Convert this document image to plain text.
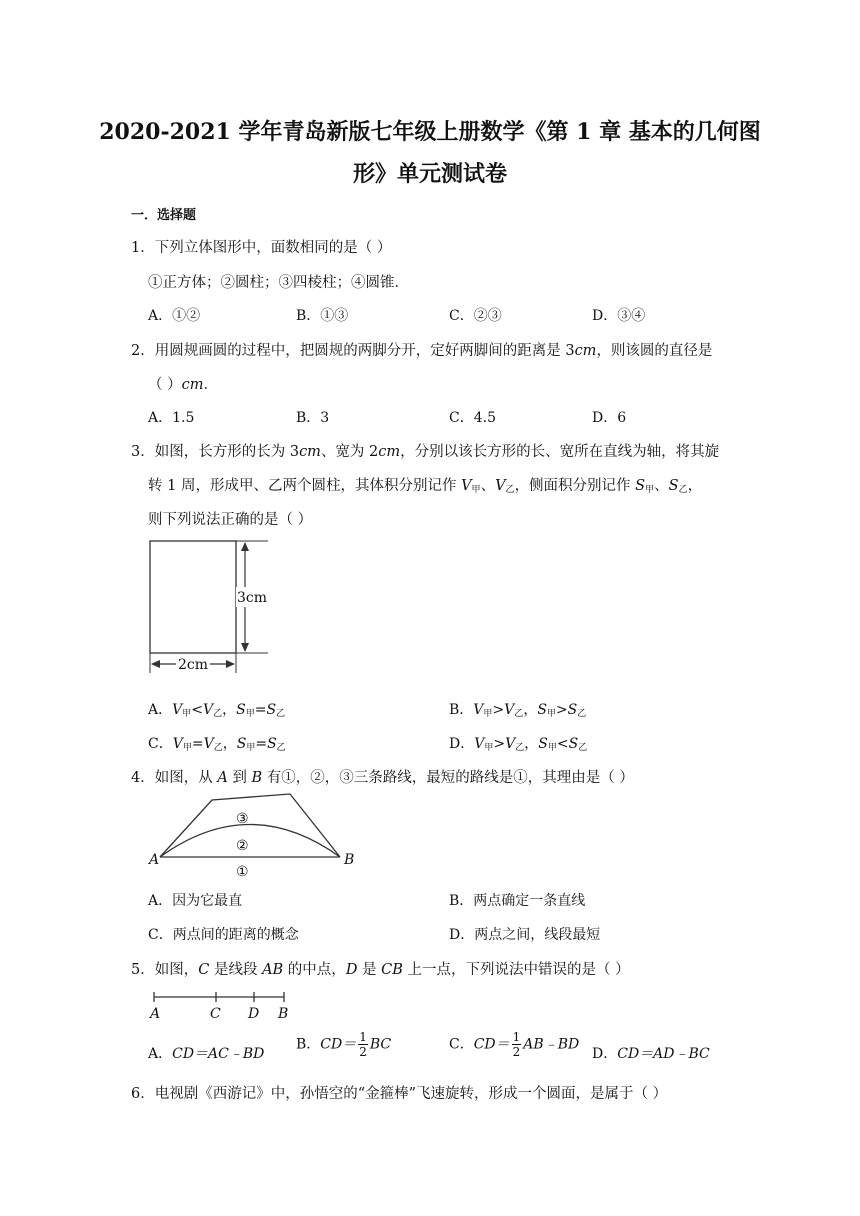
2020-2021 学年青岛新版七年级上册数学《第 1 章 基本的几何图
形》单元测试卷
一．选择题
1．下列立体图形中，面数相同的是（ ）
①正方体；②圆柱；③四棱柱；④圆锥．
A．①②	B．①③	C．②③	D．③④
2．用圆规画圆的过程中，把圆规的两脚分开，定好两脚间的距离是 3cm，则该圆的直径是
（ ）cm．
A．1.5	B．3	C．4.5	D．6
3．如图，长方形的长为 3cm、宽为 2cm，分别以该长方形的长、宽所在直线为轴，将其旋
转 1 周，形成甲、乙两个圆柱，其体积分别记作 $V_甲$、$V_乙$，侧面积分别记作 $S_甲$、$S_乙$，
则下列说法正确的是（ ）
3cm
2cm
A．$V_甲<V_乙$，$S_甲=S_乙$	B．$V_甲>V_乙$，$S_甲>S_乙$
C．$V_甲=V_乙$，$S_甲=S_乙$	D．$V_甲>V_乙$，$S_甲<S_乙$
4．如图，从 A 到 B 有①，②，③三条路线，最短的路线是①，其理由是（ ）
A	B
①
②
③
A．因为它最直	B．两点确定一条直线
C．两点间的距离的概念	D．两点之间，线段最短
5．如图，C 是线段 AB 的中点，D 是 CB 上一点，下列说法中错误的是（ ）
A	C D B
A．CD＝AC﹣BD
B．$CD= \frac{1}{2}$ BC	C．$CD= \frac{1}{2}$ AB﹣BD
D．CD＝AD﹣BC
6．电视剧《西游记》中，孙悟空的“金箍棒”飞速旋转，形成一个圆面，是属于（ ）
